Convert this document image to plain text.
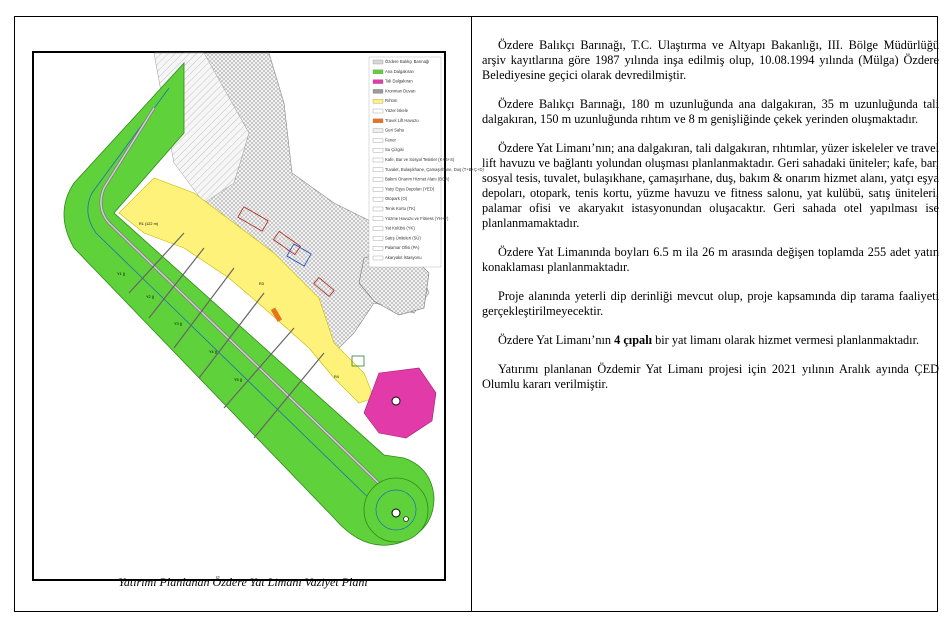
R1 (122 m)
Y1 ()
Y2 ()
Y3 ()
Y4 ()
Y5 ()
R3
R4
Özdere Balıkçı Barınağı
Ana Dalgakıran
Tali Dalgakıran
Kronman Duvarı
Rıhtım
Yüzer İskele
Travel Lift Havuzu
Geri Saha
Fener
Su Çizgisi
Kafe, Bar ve Sosyal Tesisler (K+B+S)
Tuvalet, Bulaşıkhane, Çamaşırhane, Duş (T+B+Ç+D)
Bakım Onarım Hizmet Alanı (BOA)
Yatçı Eşya Depoları (YED)
Otopark (O)
Tenis Kortu (TK)
Yüzme Havuzu ve Fitness (YH+F)
Yat Kulübü (YK)
Satış Üniteleri (SÜ)
Palamar Ofisi (PA)
Akaryakıt İstasyonu
Yatırımı Planlanan Özdere Yat Limanı Vaziyet Planı

Özdere Balıkçı Barınağı, T.C. Ulaştırma ve Altyapı Bakanlığı, III. Bölge Müdürlüğü arşiv kayıtlarına göre 1987 yılında inşa edilmiş olup, 10.08.1994 yılında (Mülga) Özdere Belediyesine geçici olarak devredilmiştir.

Özdere Balıkçı Barınağı, 180 m uzunluğunda ana dalgakıran, 35 m uzunluğunda tali dalgakıran, 150 m uzunluğunda rıhtım ve 8 m genişliğinde çekek yerinden oluşmaktadır.

Özdere Yat Limanı’nın; ana dalgakıran, tali dalgakıran, rıhtımlar, yüzer iskeleler ve travel lift havuzu ve bağlantı yolundan oluşması planlanmaktadır. Geri sahadaki üniteler; kafe, bar, sosyal tesis, tuvalet, bulaşıkhane, çamaşırhane, duş, bakım & onarım hizmet alanı, yatçı eşya depoları, otopark, tenis kortu, yüzme havuzu ve fitness salonu, yat kulübü, satış üniteleri, palamar ofisi ve akaryakıt istasyonundan oluşacaktır. Geri sahada otel yapılması ise planlanmamaktadır.

Özdere Yat Limanında boyları 6.5 m ila 26 m arasında değişen toplamda 255 adet yatın konaklaması planlanmaktadır.

Proje alanında yeterli dip derinliği mevcut olup, proje kapsamında dip tarama faaliyeti gerçekleştirilmeyecektir.

Özdere Yat Limanı’nın 4 çıpalı bir yat limanı olarak hizmet vermesi planlanmaktadır.

Yatırımı planlanan Özdemir Yat Limanı projesi için 2021 yılının Aralık ayında ÇED Olumlu kararı verilmiştir.
